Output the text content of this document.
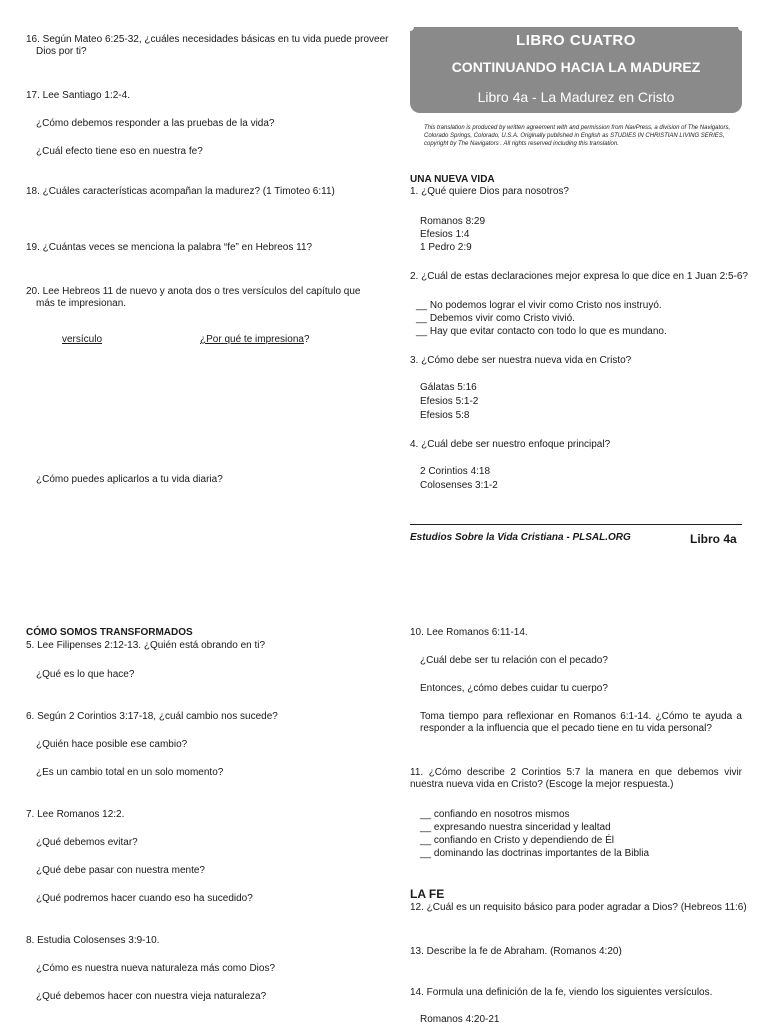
LIBRO CUATRO
CONTINUANDO HACIA LA MADUREZ
Libro 4a - La Madurez en Cristo
This translation is produced by written agreement with and permission from NavPress, a division of The Navigators, Colorado Springs, Colorado, U.S.A. Originally published in English as STUDIES IN CHRISTIAN LIVING SERIES, copyright by The Navigators . All rights reserved including this translation.
16. Según Mateo 6:25-32, ¿cuáles necesidades básicas en tu vida puede proveer
Dios por ti?
17. Lee Santiago 1:2-4.
¿Cómo debemos responder a las pruebas de la vida?
¿Cuál efecto tiene eso en nuestra fe?
18. ¿Cuáles características acompañan la madurez? (1 Timoteo 6:11)
19. ¿Cuántas veces se menciona la palabra “fe” en Hebreos 11?
20. Lee Hebreos 11 de nuevo y anota dos o tres versículos del capítulo que
más te impresionan.
versículo	¿Por qué te impresiona?
¿Cómo puedes aplicarlos a tu vida diaria?
UNA NUEVA VIDA
1. ¿Qué quiere Dios para nosotros?
Romanos 8:29
Efesios 1:4
1 Pedro 2:9
2. ¿Cuál de estas declaraciones mejor expresa lo que dice en 1 Juan 2:5-6?
__ No podemos lograr el vivir como Cristo nos instruyó.
__ Debemos vivir como Cristo vivió.
__ Hay que evitar contacto con todo lo que es mundano.
3. ¿Cómo debe ser nuestra nueva vida en Cristo?
Gálatas 5:16
Efesios 5:1-2
Efesios 5:8
4. ¿Cuál debe ser nuestro enfoque principal?
2 Corintios 4:18
Colosenses 3:1-2
Estudios Sobre la Vida Cristiana - PLSAL.ORG	Libro 4a
CÓMO SOMOS TRANSFORMADOS
5. Lee Filipenses 2:12-13. ¿Quién está obrando en ti?
¿Qué es lo que hace?
6. Según 2 Corintios 3:17-18, ¿cuál cambio nos sucede?
¿Quién hace posible ese cambio?
¿Es un cambio total en un solo momento?
7. Lee Romanos 12:2.
¿Qué debemos evitar?
¿Qué debe pasar con nuestra mente?
¿Qué podremos hacer cuando eso ha sucedido?
8. Estudia Colosenses 3:9-10.
¿Cómo es nuestra nueva naturaleza más como Dios?
¿Qué debemos hacer con nuestra vieja naturaleza?
10. Lee Romanos 6:11-14.
¿Cuál debe ser tu relación con el pecado?
Entonces, ¿cómo debes cuidar tu cuerpo?
Toma tiempo para reflexionar en Romanos 6:1-14. ¿Cómo te ayuda a responder a la influencia que el pecado tiene en tu vida personal?
11. ¿Cómo describe 2 Corintios 5:7 la manera en que debemos vivir nuestra nueva vida en Cristo? (Escoge la mejor respuesta.)
__ confiando en nosotros mismos
__ expresando nuestra sinceridad y lealtad
__ confiando en Cristo y dependiendo de Él
__ dominando las doctrinas importantes de la Biblia
LA FE
12. ¿Cuál es un requisito básico para poder agradar a Dios? (Hebreos 11:6)
13. Describe la fe de Abraham. (Romanos 4:20)
14. Formula una definición de la fe, viendo los siguientes versículos.
Romanos 4:20-21
